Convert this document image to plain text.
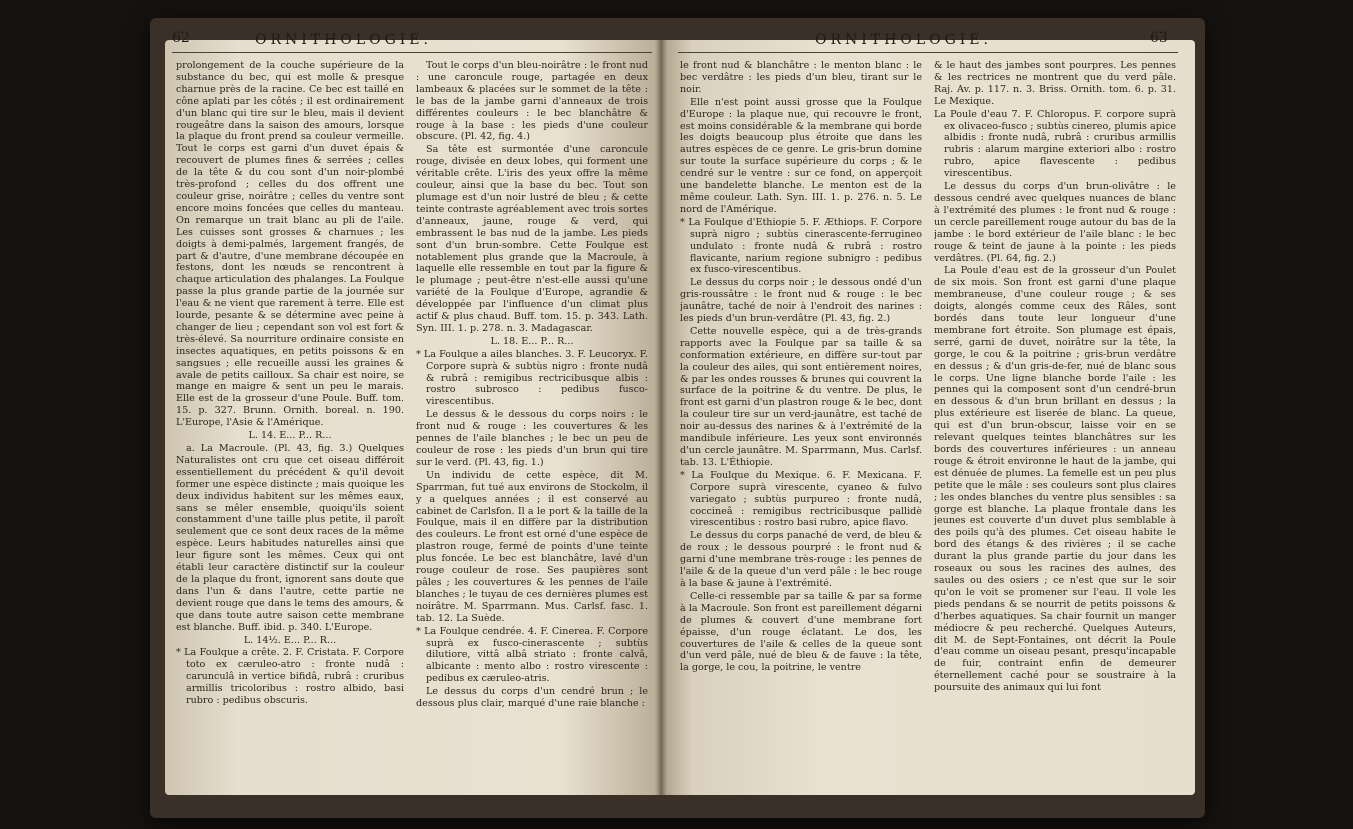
62	ORNITHOLOGIE.	ORNITHOLOGIE.	63

prolongement de la couche supérieure de la substance du bec, qui est molle & presque charnue près de la racine. Ce bec est taillé en cône aplati par les côtés ; il est ordinairement d'un blanc qui tire sur le bleu, mais il devient rougeâtre dans la saison des amours, lorsque la plaque du front prend sa couleur vermeille. Tout le corps est garni d'un duvet épais & recouvert de plumes fines & serrées ; celles de la tête & du cou sont d'un noir-plombé très-profond ; celles du dos offrent une couleur grise, noirâtre ; celles du ventre sont encore moins foncées que celles du manteau. On remarque un trait blanc au pli de l'aile. Les cuisses sont grosses & charnues ; les doigts à demi-palmés, largement frangés, de part & d'autre, d'une membrane découpée en festons, dont les nœuds se rencontrent à chaque articulation des phalanges. La Foulque passe la plus grande partie de la journée sur l'eau & ne vient que rarement à terre. Elle est lourde, pesante & se détermine avec peine à changer de lieu ; cependant son vol est fort & très-élevé. Sa nourriture ordinaire consiste en insectes aquatiques, en petits poissons & en sangsues ; elle recueille aussi les graines & avale de petits cailloux. Sa chair est noire, se mange en maigre & sent un peu le marais. Elle est de la grosseur d'une Poule. Buff. tom. 15. p. 327. Brunn. Ornith. boreal. n. 190. L'Europe, l'Asie & l'Amérique.

L. 14. E... P... R...

a. La Macroule. (Pl. 43, fig. 3.) Quelques Naturalistes ont cru que cet oiseau différoit essentiellement du précédent & qu'il devoit former une espèce distincte ; mais quoique les deux individus habitent sur les mêmes eaux, sans se mêler ensemble, quoiqu'ils soient constamment d'une taille plus petite, il paroît seulement que ce sont deux races de la même espèce. Leurs habitudes naturelles ainsi que leur figure sont les mêmes. Ceux qui ont établi leur caractère distinctif sur la couleur de la plaque du front, ignorent sans doute que dans l'un & dans l'autre, cette partie ne devient rouge que dans le tems des amours, & que dans toute autre saison cette membrane est blanche. Buff. ibid. p. 340. L'Europe.

L. 14½. E... P... R...

* La Foulque a crête. 2. F. Cristata. F. Corpore toto ex cæruleo-atro : fronte nudâ : carunculâ in vertice bifidâ, rubrâ : cruribus armillis tricoloribus : rostro albido, basi rubro : pedibus obscuris.

Tout le corps d'un bleu-noirâtre : le front nud : une caroncule rouge, partagée en deux lambeaux & placées sur le sommet de la tête : le bas de la jambe garni d'anneaux de trois différentes couleurs : le bec blanchâtre & rouge à la base : les pieds d'une couleur obscure. (Pl. 42, fig. 4.)

Sa tête est surmontée d'une caroncule rouge, divisée en deux lobes, qui forment une véritable crête. L'iris des yeux offre la même couleur, ainsi que la base du bec. Tout son plumage est d'un noir lustré de bleu ; & cette teinte contraste agréablement avec trois sortes d'anneaux, jaune, rouge & verd, qui embrassent le bas nud de la jambe. Les pieds sont d'un brun-sombre. Cette Foulque est notablement plus grande que la Macroule, à laquelle elle ressemble en tout par la figure & le plumage ; peut-être n'est-elle aussi qu'une variété de la Foulque d'Europe, agrandie & développée par l'influence d'un climat plus actif & plus chaud. Buff. tom. 15. p. 343. Lath. Syn. III. 1. p. 278. n. 3. Madagascar.

L. 18. E... P... R...

* La Foulque a ailes blanches. 3. F. Leucoryx. F. Corpore suprà & subtùs nigro : fronte nudâ & rubrâ : remigibus rectricibusque albis : rostro subrosco : pedibus fusco-virescentibus.

Le dessus & le dessous du corps noirs : le front nud & rouge : les couvertures & les pennes de l'aile blanches ; le bec un peu de couleur de rose : les pieds d'un brun qui tire sur le verd. (Pl. 43, fig. 1.)

Un individu de cette espèce, dit M. Sparrman, fut tué aux environs de Stockolm, il y a quelques années ; il est conservé au cabinet de Carlsfon. Il a le port & la taille de la Foulque, mais il en diffère par la distribution des couleurs. Le front est orné d'une espèce de plastron rouge, fermé de points d'une teinte plus foncée. Le bec est blanchâtre, lavé d'un rouge couleur de rose. Ses paupières sont pâles ; les couvertures & les pennes de l'aile blanches ; le tuyau de ces dernières plumes est noirâtre. M. Sparrmann. Mus. Carlsf. fasc. 1. tab. 12. La Suède.

* La Foulque cendrée. 4. F. Cinerea. F. Corpore suprà ex fusco-cinerascente ; subtùs dilutiore, vittâ albâ striato : fronte calvâ, albicante : mento albo : rostro virescente : pedibus ex cæruleo-atris.

Le dessus du corps d'un cendré brun ; le dessous plus clair, marqué d'une raie blanche :

le front nud & blanchâtre : le menton blanc : le bec verdâtre : les pieds d'un bleu, tirant sur le noir.

Elle n'est point aussi grosse que la Foulque d'Europe : la plaque nue, qui recouvre le front, est moins considérable & la membrane qui borde les doigts beaucoup plus étroite que dans les autres espèces de ce genre. Le gris-brun domine sur toute la surface supérieure du corps ; & le cendré sur le ventre : sur ce fond, on apperçoit une bandelette blanche. Le menton est de la même couleur. Lath. Syn. III. 1. p. 276. n. 5. Le nord de l'Amérique.

* La Foulque d'Ethiopie 5. F. Æthiops. F. Corpore suprà nigro ; subtùs cinerascente-ferrugineo undulato : fronte nudâ & rubrâ : rostro flavicante, narium regione subnigro : pedibus ex fusco-virescentibus.

Le dessus du corps noir ; le dessous ondé d'un gris-roussâtre : le front nud & rouge : le bec jaunâtre, taché de noir à l'endroit des narines : les pieds d'un brun-verdâtre (Pl. 43, fig. 2.)

Cette nouvelle espèce, qui a de très-grands rapports avec la Foulque par sa taille & sa conformation extérieure, en diffère sur-tout par la couleur des ailes, qui sont entièrement noires, & par les ondes rousses & brunes qui couvrent la surface de la poitrine & du ventre. De plus, le front est garni d'un plastron rouge & le bec, dont la couleur tire sur un verd-jaunâtre, est taché de noir au-dessus des narines & à l'extrémité de la mandibule inférieure. Les yeux sont environnés d'un cercle jaunâtre. M. Sparrmann, Mus. Carlsf. tab. 13. L'Éthiopie.

* La Foulque du Mexique. 6. F. Mexicana. F. Corpore suprà virescente, cyaneo & fulvo variegato ; subtùs purpureo : fronte nudâ, coccineâ : remigibus rectricibusque pallidè virescentibus : rostro basi rubro, apice flavo.

Le dessus du corps panaché de verd, de bleu & de roux ; le dessous pourpré : le front nud & garni d'une membrane très-rouge : les pennes de l'aile & de la queue d'un verd pâle : le bec rouge à la base & jaune à l'extrémité.

Celle-ci ressemble par sa taille & par sa forme à la Macroule. Son front est pareillement dégarni de plumes & couvert d'une membrane fort épaisse, d'un rouge éclatant. Le dos, les couvertures de l'aile & celles de la queue sont d'un verd pâle, nué de bleu & de fauve : la tête, la gorge, le cou, la poitrine, le ventre

& le haut des jambes sont pourpres. Les pennes & les rectrices ne montrent que du verd pâle. Raj. Av. p. 117. n. 3. Briss. Ornith. tom. 6. p. 31. Le Mexique.

La Poule d'eau 7. F. Chloropus. F. corpore suprà ex olivaceo-fusco ; subtùs cinereo, plumis apice albidis : fronte nudâ, rubrâ : cruribus armillis rubris : alarum margine exteriori albo : rostro rubro, apice flavescente : pedibus virescentibus.

Le dessus du corps d'un brun-olivâtre : le dessous cendré avec quelques nuances de blanc à l'extrémité des plumes : le front nud & rouge : un cercle pareillement rouge autour du bas de la jambe : le bord extérieur de l'aile blanc : le bec rouge & teint de jaune à la pointe : les pieds verdâtres. (Pl. 64, fig. 2.)

La Poule d'eau est de la grosseur d'un Poulet de six mois. Son front est garni d'une plaque membraneuse, d'une couleur rouge ; & ses doigts, alongés comme ceux des Râles, sont bordés dans toute leur longueur d'une membrane fort étroite. Son plumage est épais, serré, garni de duvet, noirâtre sur la tête, la gorge, le cou & la poitrine ; gris-brun verdâtre en dessus ; & d'un gris-de-fer, nué de blanc sous le corps. Une ligne blanche borde l'aile : les pennes qui la composent sont d'un cendré-brun en dessous & d'un brun brillant en dessus ; la plus extérieure est liserée de blanc. La queue, qui est d'un brun-obscur, laisse voir en se relevant quelques teintes blanchâtres sur les bords des couvertures inférieures : un anneau rouge & étroit environne le haut de la jambe, qui est dénuée de plumes. La femelle est un peu plus petite que le mâle : ses couleurs sont plus claires ; les ondes blanches du ventre plus sensibles : sa gorge est blanche. La plaque frontale dans les jeunes est couverte d'un duvet plus semblable à des poils qu'à des plumes. Cet oiseau habite le bord des étangs & des rivières ; il se cache durant la plus grande partie du jour dans les roseaux ou sous les racines des aulnes, des saules ou des osiers ; ce n'est que sur le soir qu'on le voit se promener sur l'eau. Il vole les pieds pendans & se nourrit de petits poissons & d'herbes aquatiques. Sa chair fournit un manger médiocre & peu recherché. Quelques Auteurs, dit M. de Sept-Fontaines, ont décrit la Poule d'eau comme un oiseau pesant, presqu'incapable de fuir, contraint enfin de demeurer éternellement caché pour se soustraire à la poursuite des animaux qui lui font
